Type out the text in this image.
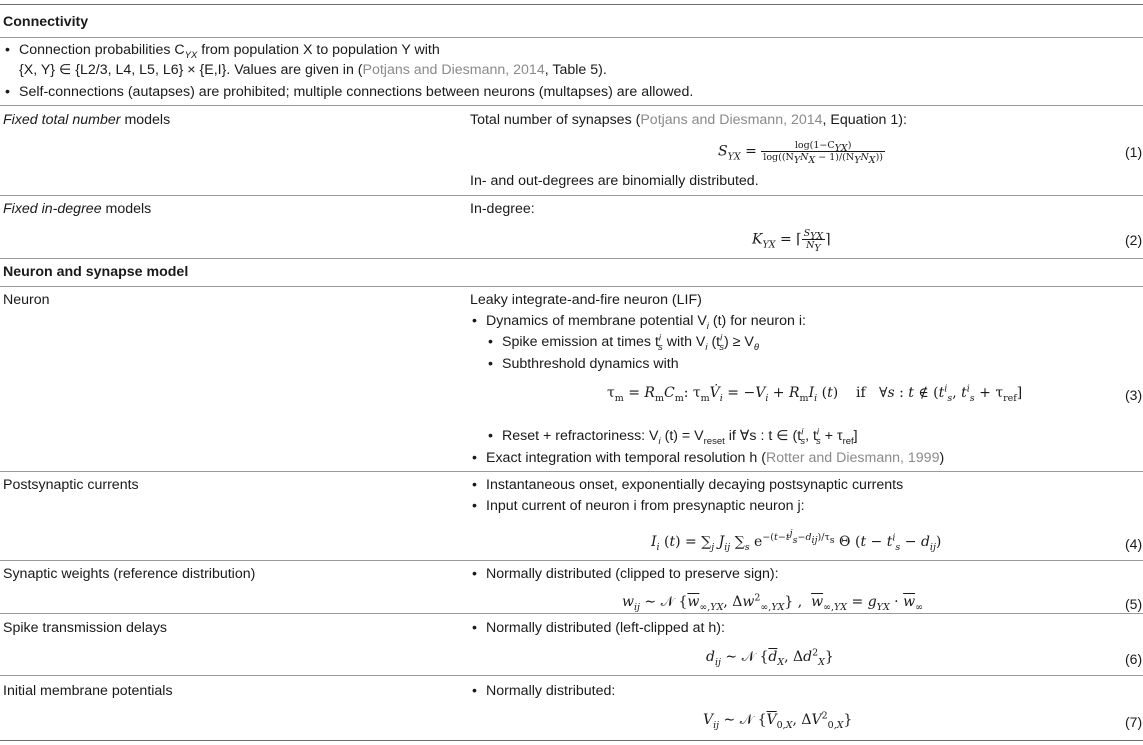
Connectivity
• Connection probabilities $C_{YX}$ from population X to population Y with
{X, Y} ∈ {L2/3, L4, L5, L6} × {E,I}. Values are given in (Potjans and Diesmann, 2014, Table 5).
• Self-connections (autapses) are prohibited; multiple connections between neurons (multapses) are allowed.
Fixed total number models	Total number of synapses (Potjans and Diesmann, 2014, Equation 1):
$S_{YX} = \frac{\log(1-C_{YX})}{\log((N_YN_X - 1)/(N_YN_X))}$	(1)
In- and out-degrees are binomially distributed.
Fixed in-degree models	In-degree:
$K_{YX}$ = ⌈ $\frac{S_{YX}}{N_Y}$ ⌉	(2)
Neuron and synapse model
Neuron	Leaky integrate-and-fire neuron (LIF)
• Dynamics of membrane potential $V_i$ (t) for neuron i:
• Spike emission at times $t^i_s$ with $V_i$ $(t^i_s) \ge V_\theta$
• Subthreshold dynamics with
$\tau_m = R_mC_m$: $\tau_mV̇_i = -V_i + R_mI_i$ (t)    if   ∀s : t ∉ ($t^i_s$, $t^i_s + \tau_{ref}$]	(3)
• Reset + refractoriness: $V_i$ $(t) = V_{reset}$ if ∀s : t ∈ ($t^i_s$, $t^i_s + \tau_{ref}$]
• Exact integration with temporal resolution h (Rotter and Diesmann, 1999)
Postsynaptic currents	• Instantaneous onset, exponentially decaying postsynaptic currents
• Input current of neuron i from presynaptic neuron j:
$I_i$ $(t) = \sum_j$ $J_{ij}$ $\sum_s$ $e^{-(t-t^j_s-d_{ij})/\tau_s}$ Θ $(t - t^i_s - d_{ij})$	(4)
Synaptic weights (reference distribution)	• Normally distributed (clipped to preserve sign):
$w_{ij}$ ∼ 𝒩 {$\overline{w}_{\infty,YX}$, $\Delta w^2_{\infty,YX}$} ,  $\overline{w}_{\infty,YX} = g_{YX} \cdot \overline{w}_\infty$	(5)
Spike transmission delays	• Normally distributed (left-clipped at h):
$d_{ij}$ ∼ 𝒩 {$\overline{d}_X$, $\Delta d^2_X$}	(6)
Initial membrane potentials	• Normally distributed:
$V_{ij}$ ∼ 𝒩 {$\overline{V}_{0,X}$, $\Delta V^2_{0,X}$}	(7)
